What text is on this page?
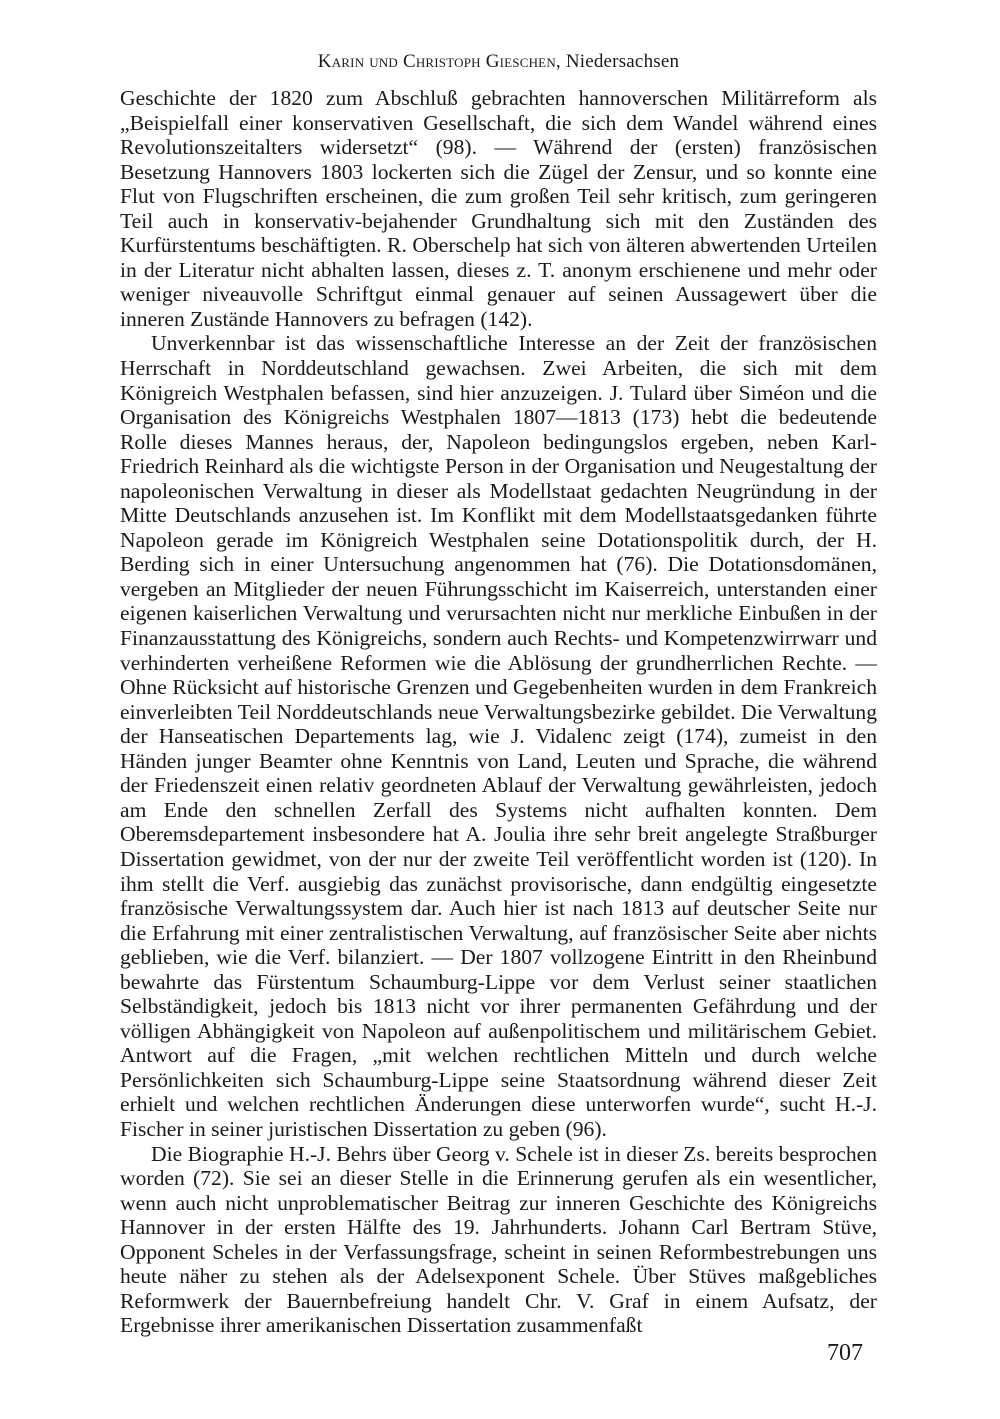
Karin und Christoph Gieschen, Niedersachsen

Geschichte der 1820 zum Abschluß gebrachten hannoverschen Militärreform als „Beispielfall einer konservativen Gesellschaft, die sich dem Wandel während eines Revolutionszeitalters widersetzt“ (98). — Während der (ersten) französischen Besetzung Hannovers 1803 lockerten sich die Zügel der Zensur, und so konnte eine Flut von Flugschriften erscheinen, die zum großen Teil sehr kritisch, zum geringeren Teil auch in konservativ-bejahender Grundhaltung sich mit den Zuständen des Kurfürstentums beschäftigten. R. Oberschelp hat sich von älteren abwertenden Urteilen in der Literatur nicht abhalten lassen, dieses z. T. anonym erschienene und mehr oder weniger niveauvolle Schriftgut einmal genauer auf seinen Aussagewert über die inneren Zustände Hannovers zu befragen (142).

Unverkennbar ist das wissenschaftliche Interesse an der Zeit der französischen Herrschaft in Norddeutschland gewachsen. Zwei Arbeiten, die sich mit dem Königreich Westphalen befassen, sind hier anzuzeigen. J. Tulard über Siméon und die Organisation des Königreichs Westphalen 1807—1813 (173) hebt die bedeutende Rolle dieses Mannes heraus, der, Napoleon bedingungslos ergeben, neben Karl-Friedrich Reinhard als die wichtigste Person in der Organisation und Neugestaltung der napoleonischen Verwaltung in dieser als Modellstaat gedachten Neugründung in der Mitte Deutschlands anzusehen ist. Im Konflikt mit dem Modellstaatsgedanken führte Napoleon gerade im Königreich Westphalen seine Dotationspolitik durch, der H. Berding sich in einer Untersuchung angenommen hat (76). Die Dotationsdomänen, vergeben an Mitglieder der neuen Führungsschicht im Kaiserreich, unterstanden einer eigenen kaiserlichen Verwaltung und verursachten nicht nur merkliche Einbußen in der Finanzausstattung des Königreichs, sondern auch Rechts- und Kompetenzwirrwarr und verhinderten verheißene Reformen wie die Ablösung der grundherrlichen Rechte. — Ohne Rücksicht auf historische Grenzen und Gegebenheiten wurden in dem Frankreich einverleibten Teil Norddeutschlands neue Verwaltungsbezirke gebildet. Die Verwaltung der Hanseatischen Departements lag, wie J. Vidalenc zeigt (174), zumeist in den Händen junger Beamter ohne Kenntnis von Land, Leuten und Sprache, die während der Friedenszeit einen relativ geordneten Ablauf der Verwaltung gewährleisten, jedoch am Ende den schnellen Zerfall des Systems nicht aufhalten konnten. Dem Oberemsdepartement insbesondere hat A. Joulia ihre sehr breit angelegte Straßburger Dissertation gewidmet, von der nur der zweite Teil veröffentlicht worden ist (120). In ihm stellt die Verf. ausgiebig das zunächst provisorische, dann endgültig eingesetzte französische Verwaltungssystem dar. Auch hier ist nach 1813 auf deutscher Seite nur die Erfahrung mit einer zentralistischen Verwaltung, auf französischer Seite aber nichts geblieben, wie die Verf. bilanziert. — Der 1807 vollzogene Eintritt in den Rheinbund bewahrte das Fürstentum Schaumburg-Lippe vor dem Verlust seiner staatlichen Selbständigkeit, jedoch bis 1813 nicht vor ihrer permanenten Gefährdung und der völligen Abhängigkeit von Napoleon auf außenpolitischem und militärischem Gebiet. Antwort auf die Fragen, „mit welchen rechtlichen Mitteln und durch welche Persönlichkeiten sich Schaumburg-Lippe seine Staatsordnung während dieser Zeit erhielt und welchen rechtlichen Änderungen diese unterworfen wurde“, sucht H.-J. Fischer in seiner juristischen Dissertation zu geben (96).

Die Biographie H.-J. Behrs über Georg v. Schele ist in dieser Zs. bereits besprochen worden (72). Sie sei an dieser Stelle in die Erinnerung gerufen als ein wesentlicher, wenn auch nicht unproblematischer Beitrag zur inneren Geschichte des Königreichs Hannover in der ersten Hälfte des 19. Jahrhunderts. Johann Carl Bertram Stüve, Opponent Scheles in der Verfassungsfrage, scheint in seinen Reformbestrebungen uns heute näher zu stehen als der Adelsexponent Schele. Über Stüves maßgebliches Reformwerk der Bauernbefreiung handelt Chr. V. Graf in einem Aufsatz, der Ergebnisse ihrer amerikanischen Dissertation zusammenfaßt

707
